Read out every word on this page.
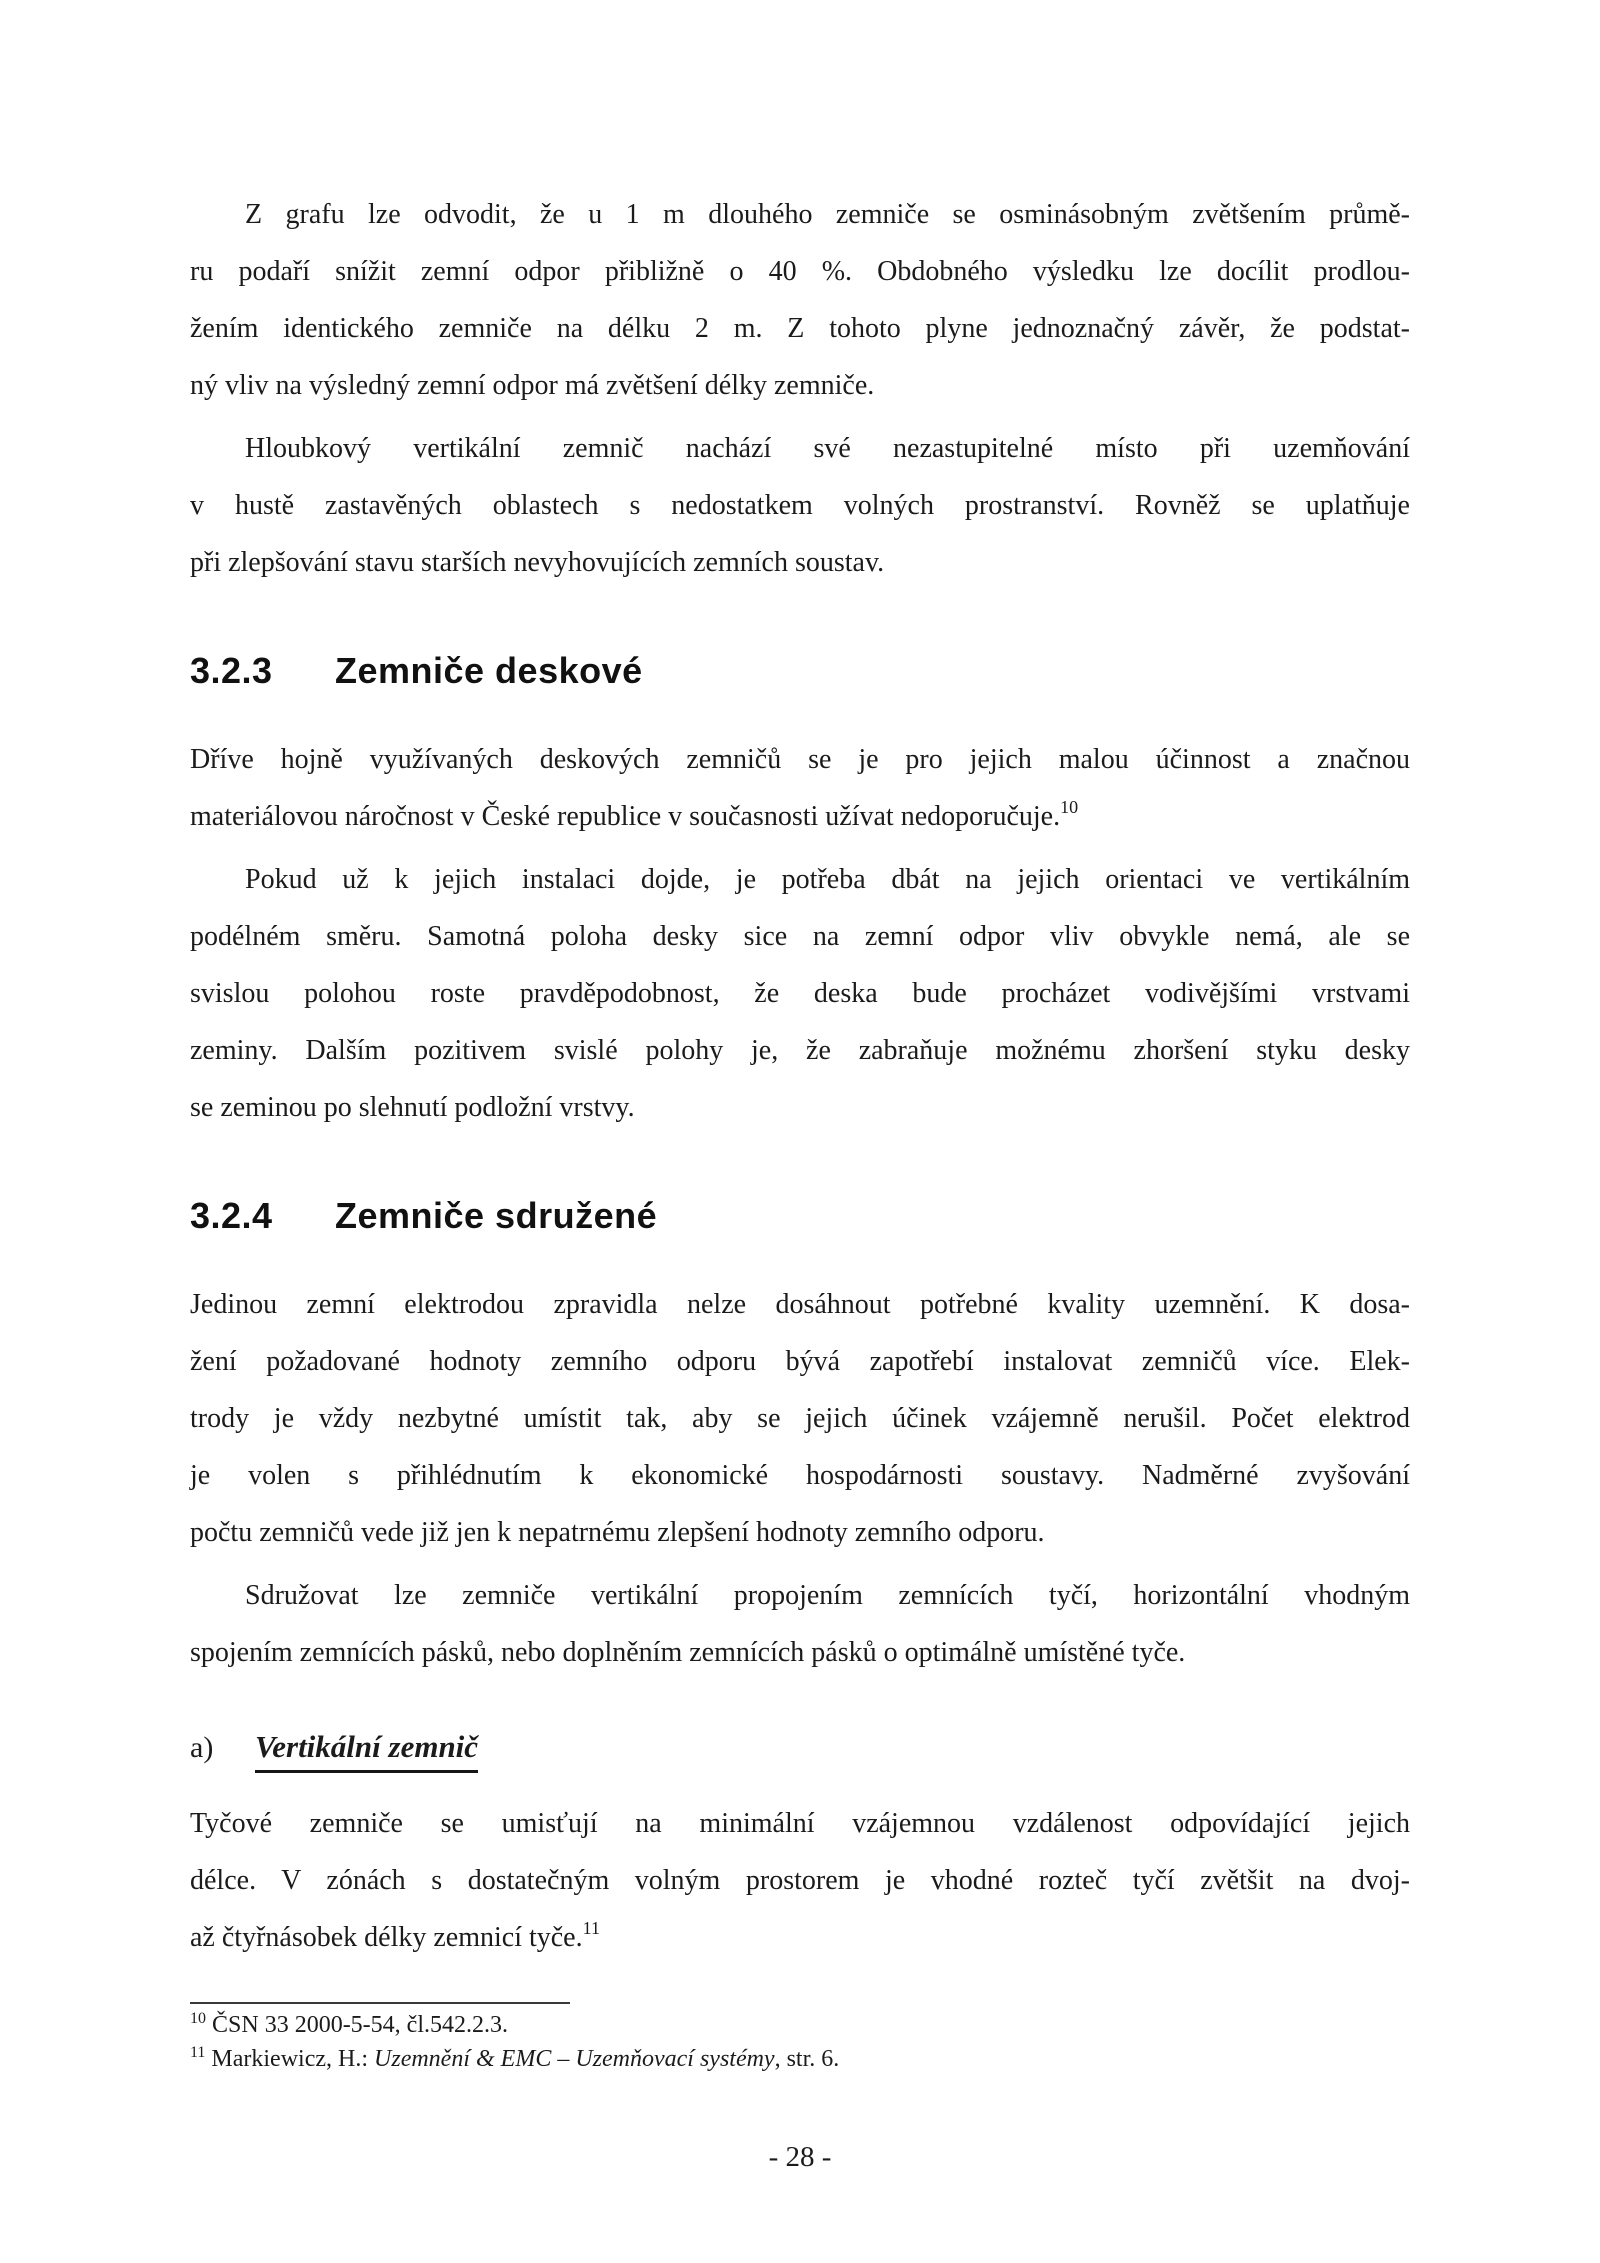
Z grafu lze odvodit, že u 1 m dlouhého zemniče se osminásobným zvětšením průmě-
ru podaří snížit zemní odpor přibližně o 40 %. Obdobného výsledku lze docílit prodlou-
žením identického zemniče na délku 2 m. Z tohoto plyne jednoznačný závěr, že podstat-
ný vliv na výsledný zemní odpor má zvětšení délky zemniče.

Hloubkový vertikální zemnič nachází své nezastupitelné místo při uzemňování
v hustě zastavěných oblastech s nedostatkem volných prostranství. Rovněž se uplatňuje
při zlepšování stavu starších nevyhovujících zemních soustav.

3.2.3	Zemniče deskové

Dříve hojně využívaných deskových zemničů se je pro jejich malou účinnost a značnou
materiálovou náročnost v České republice v současnosti užívat nedoporučuje.$^{10}$

Pokud už k jejich instalaci dojde, je potřeba dbát na jejich orientaci ve vertikálním
podélném směru. Samotná poloha desky sice na zemní odpor vliv obvykle nemá, ale se
svislou polohou roste pravděpodobnost, že deska bude procházet vodivějšími vrstvami
zeminy. Dalším pozitivem svislé polohy je, že zabraňuje možnému zhoršení styku desky
se zeminou po slehnutí podložní vrstvy.

3.2.4	Zemniče sdružené

Jedinou zemní elektrodou zpravidla nelze dosáhnout potřebné kvality uzemnění. K dosa-
žení požadované hodnoty zemního odporu bývá zapotřebí instalovat zemničů více. Elek-
trody je vždy nezbytné umístit tak, aby se jejich účinek vzájemně nerušil. Počet elektrod
je volen s přihlédnutím k ekonomické hospodárnosti soustavy. Nadměrné zvyšování
počtu zemničů vede již jen k nepatrnému zlepšení hodnoty zemního odporu.

Sdružovat lze zemniče vertikální propojením zemnících tyčí, horizontální vhodným
spojením zemnících pásků, nebo doplněním zemnících pásků o optimálně umístěné tyče.

a)	Vertikální zemnič

Tyčové zemniče se umisťují na minimální vzájemnou vzdálenost odpovídající jejich
délce. V zónách s dostatečným volným prostorem je vhodné rozteč tyčí zvětšit na dvoj-
až čtyřnásobek délky zemnicí tyče.$^{11}$

$^{10}$ ČSN 33 2000-5-54, čl.542.2.3.
$^{11}$ Markiewicz, H.: Uzemnění & EMC – Uzemňovací systémy, str. 6.
- 28 -
